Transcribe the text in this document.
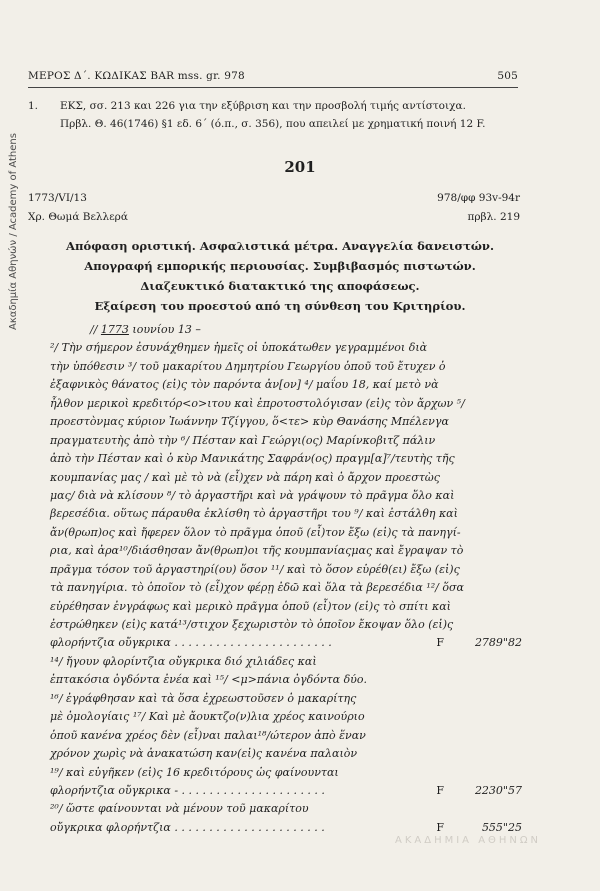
Ακαδημία Αθηνών / Academy of Athens
ΜΕΡΟΣ Δ΄. ΚΩΔΙΚΑΣ BAR mss. gr. 978	505
1. ΕΚΣ, σσ. 213 και 226 για την εξύβριση και την προσβολή τιμής αντίστοιχα.
Πρβλ. Θ. 46(1746) §1 εδ. 6΄ (ό.π., σ. 356), που απειλεί με χρηματική ποινή 12 F.
201
1773/VI/13	978/φφ 93v-94r
Χρ. Θωμά Βελλερά	πρβλ. 219
Απόφαση οριστική. Ασφαλιστικά μέτρα. Αναγγελία δανειστών.
Απογραφή εμπορικής περιουσίας. Συμβιβασμός πιστωτών.
Διαζευκτικό διατακτικό της αποφάσεως.
Εξαίρεση του προεστού από τη σύνθεση του Κριτηρίου.
// 1773 ιουνίου 13 –
²/ Τὴν σήμερον ἐσυνάχθημεν ἡμεῖς οἱ ὑποκάτωθεν γεγραμμένοι διὰ
τὴν ὑπόθεσιν ³/ τοῦ μακαρίτου Δημητρίου Γεωργίου ὁποῦ τοῦ ἔτυχεν ὁ
ἐξαφνικὸς θάνατος (εἰ)ς τὸν παρόντα ἀν[ον] ⁴/ μαΐου 18, καί μετὸ νὰ
ἦλθον μερικοὶ κρεδιτόρ<ο>ιτου καὶ ἐπροτοστολόγισαν (εἰ)ς τὸν ἄρχων ⁵/
προεστὸνμας κύριον Ἰωάννην Τζίγγου, ὅ<τε> κὺρ Θανάσης Μπέλενγα
πραγματευτὴς ἀπὸ τὴν ⁶/ Πέσταν καὶ Γεώργι(ος) Μαρίνκοβιτζ πάλιν
ἀπὸ τὴν Πέσταν καὶ ὁ κὺρ Μανικάτης Σαφράν(ος) πραγμ[α]⁷/τευτὴς τῆς
κουμπανίας μας / καὶ μὲ τὸ νὰ (εἶ)χεν νὰ πάρη καὶ ὁ ἄρχον προεστὼς
μας/ διὰ νὰ κλίσουν ⁸/ τὸ ἀργαστῆρι καὶ νὰ γράψουν τὸ πρᾶγμα ὅλο καὶ
βερεσέδια. οὕτως πάραυθα ἐκλίσθη τὸ ἀργαστῆρι του ⁹/ καὶ ἐστάλθη καὶ
ἄν(θρωπ)ος καὶ ἤφερεν ὅλον τὸ πρᾶγμα ὁποῦ (εἶ)τον ἔξω (εἰ)ς τὰ πανηγί-
ρια, καὶ ἀρα¹⁰/διάσθησαν ἄν(θρωπ)οι τῆς κουμπανίαςμας καὶ ἔγραψαν τὸ
πρᾶγμα τόσον τοῦ ἀργαστηρί(ου) ὅσον ¹¹/ καὶ τὸ ὅσον εὑρέθ(ει) ἔξω (εἰ)ς
τὰ πανηγίρια. τὸ ὁποῖον τὸ (εἶ)χον φέρῃ ἐδῶ καὶ ὅλα τὰ βερεσέδια ¹²/ ὅσα
εὑρέθησαν ἐνγράφως καὶ μερικὸ πρᾶγμα ὁποῦ (εἶ)τον (εἰ)ς τὸ σπίτι καὶ
ἐστρώθηκεν (εἰ)ς κατά¹³/στιχον ξεχωριστὸν τὸ ὁποῖον ἔκοψαν ὅλο (εἰ)ς
φλορήντζια οὔγκρικα . . . . . . . . . . . . . . . . . . . . . . .	F	2789"82
¹⁴/ ἤγουν φλορίντζια οὔγκρικα διό χιλιάδες καὶ
ἑπτακόσια ὀγδόντα ἐνέα καὶ ¹⁵/ <μ>πάνια ὀγδόντα δύο.
¹⁶/ ἐγράφθησαν καὶ τὰ ὅσα ἐχρεωστοῦσεν ὁ μακαρίτης
μὲ ὁμολογίαις ¹⁷/ Καὶ μὲ ἄουκτζο(ν)λια χρέος καινούριο
ὁποῦ κανένα χρέος δὲν (εἶ)ναι παλαι¹⁸/ώτερον ἀπὸ ἕναν
χρόνον χωρὶς νὰ ἀνακατώση καν(εἰ)ς κανένα παλαιὸν
¹⁹/ καὶ εὐγῆκεν (εἰ)ς 16 κρεδιτόρους ὡς φαίνουνται
φλορήντζια οὔγκρικα - . . . . . . . . . . . . . . . . . . . . .	F	2230"57
²⁰/ ὥστε φαίνουνται νὰ μένουν τοῦ μακαρίτου
οὔγκρικα φλορήντζια . . . . . . . . . . . . . . . . . . . . . .	F	555"25
ΑΚΑΔΗΜΙΑ ΑΘΗΝΩΝ
